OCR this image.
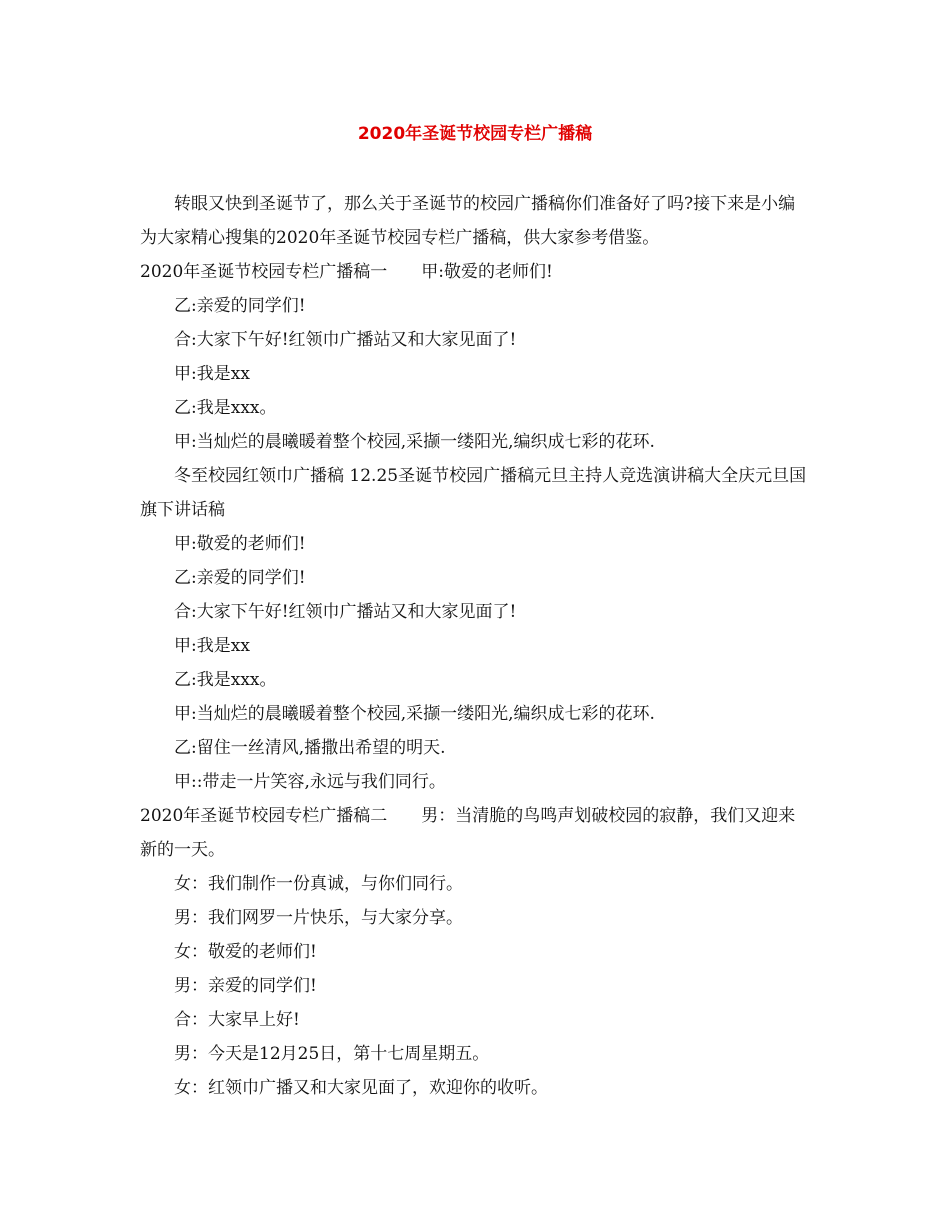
2020年圣诞节校园专栏广播稿

转眼又快到圣诞节了，那么关于圣诞节的校园广播稿你们准备好了吗?接下来是小编为大家精心搜集的2020年圣诞节校园专栏广播稿，供大家参考借鉴。

2020年圣诞节校园专栏广播稿一　　甲:敬爱的老师们!

乙:亲爱的同学们!

合:大家下午好!红领巾广播站又和大家见面了!

甲:我是xx

乙:我是xxx。

甲:当灿烂的晨曦暖着整个校园,采撷一缕阳光,编织成七彩的花环.

冬至校园红领巾广播稿 12.25圣诞节校园广播稿元旦主持人竞选演讲稿大全庆元旦国旗下讲话稿

甲:敬爱的老师们!

乙:亲爱的同学们!

合:大家下午好!红领巾广播站又和大家见面了!

甲:我是xx

乙:我是xxx。

甲:当灿烂的晨曦暖着整个校园,采撷一缕阳光,编织成七彩的花环.

乙:留住一丝清风,播撒出希望的明天.

甲::带走一片笑容,永远与我们同行。

2020年圣诞节校园专栏广播稿二　　男：当清脆的鸟鸣声划破校园的寂静，我们又迎来新的一天。

女：我们制作一份真诚，与你们同行。

男：我们网罗一片快乐，与大家分享。

女：敬爱的老师们!

男：亲爱的同学们!

合：大家早上好!

男：今天是12月25日，第十七周星期五。

女：红领巾广播又和大家见面了，欢迎你的收听。
